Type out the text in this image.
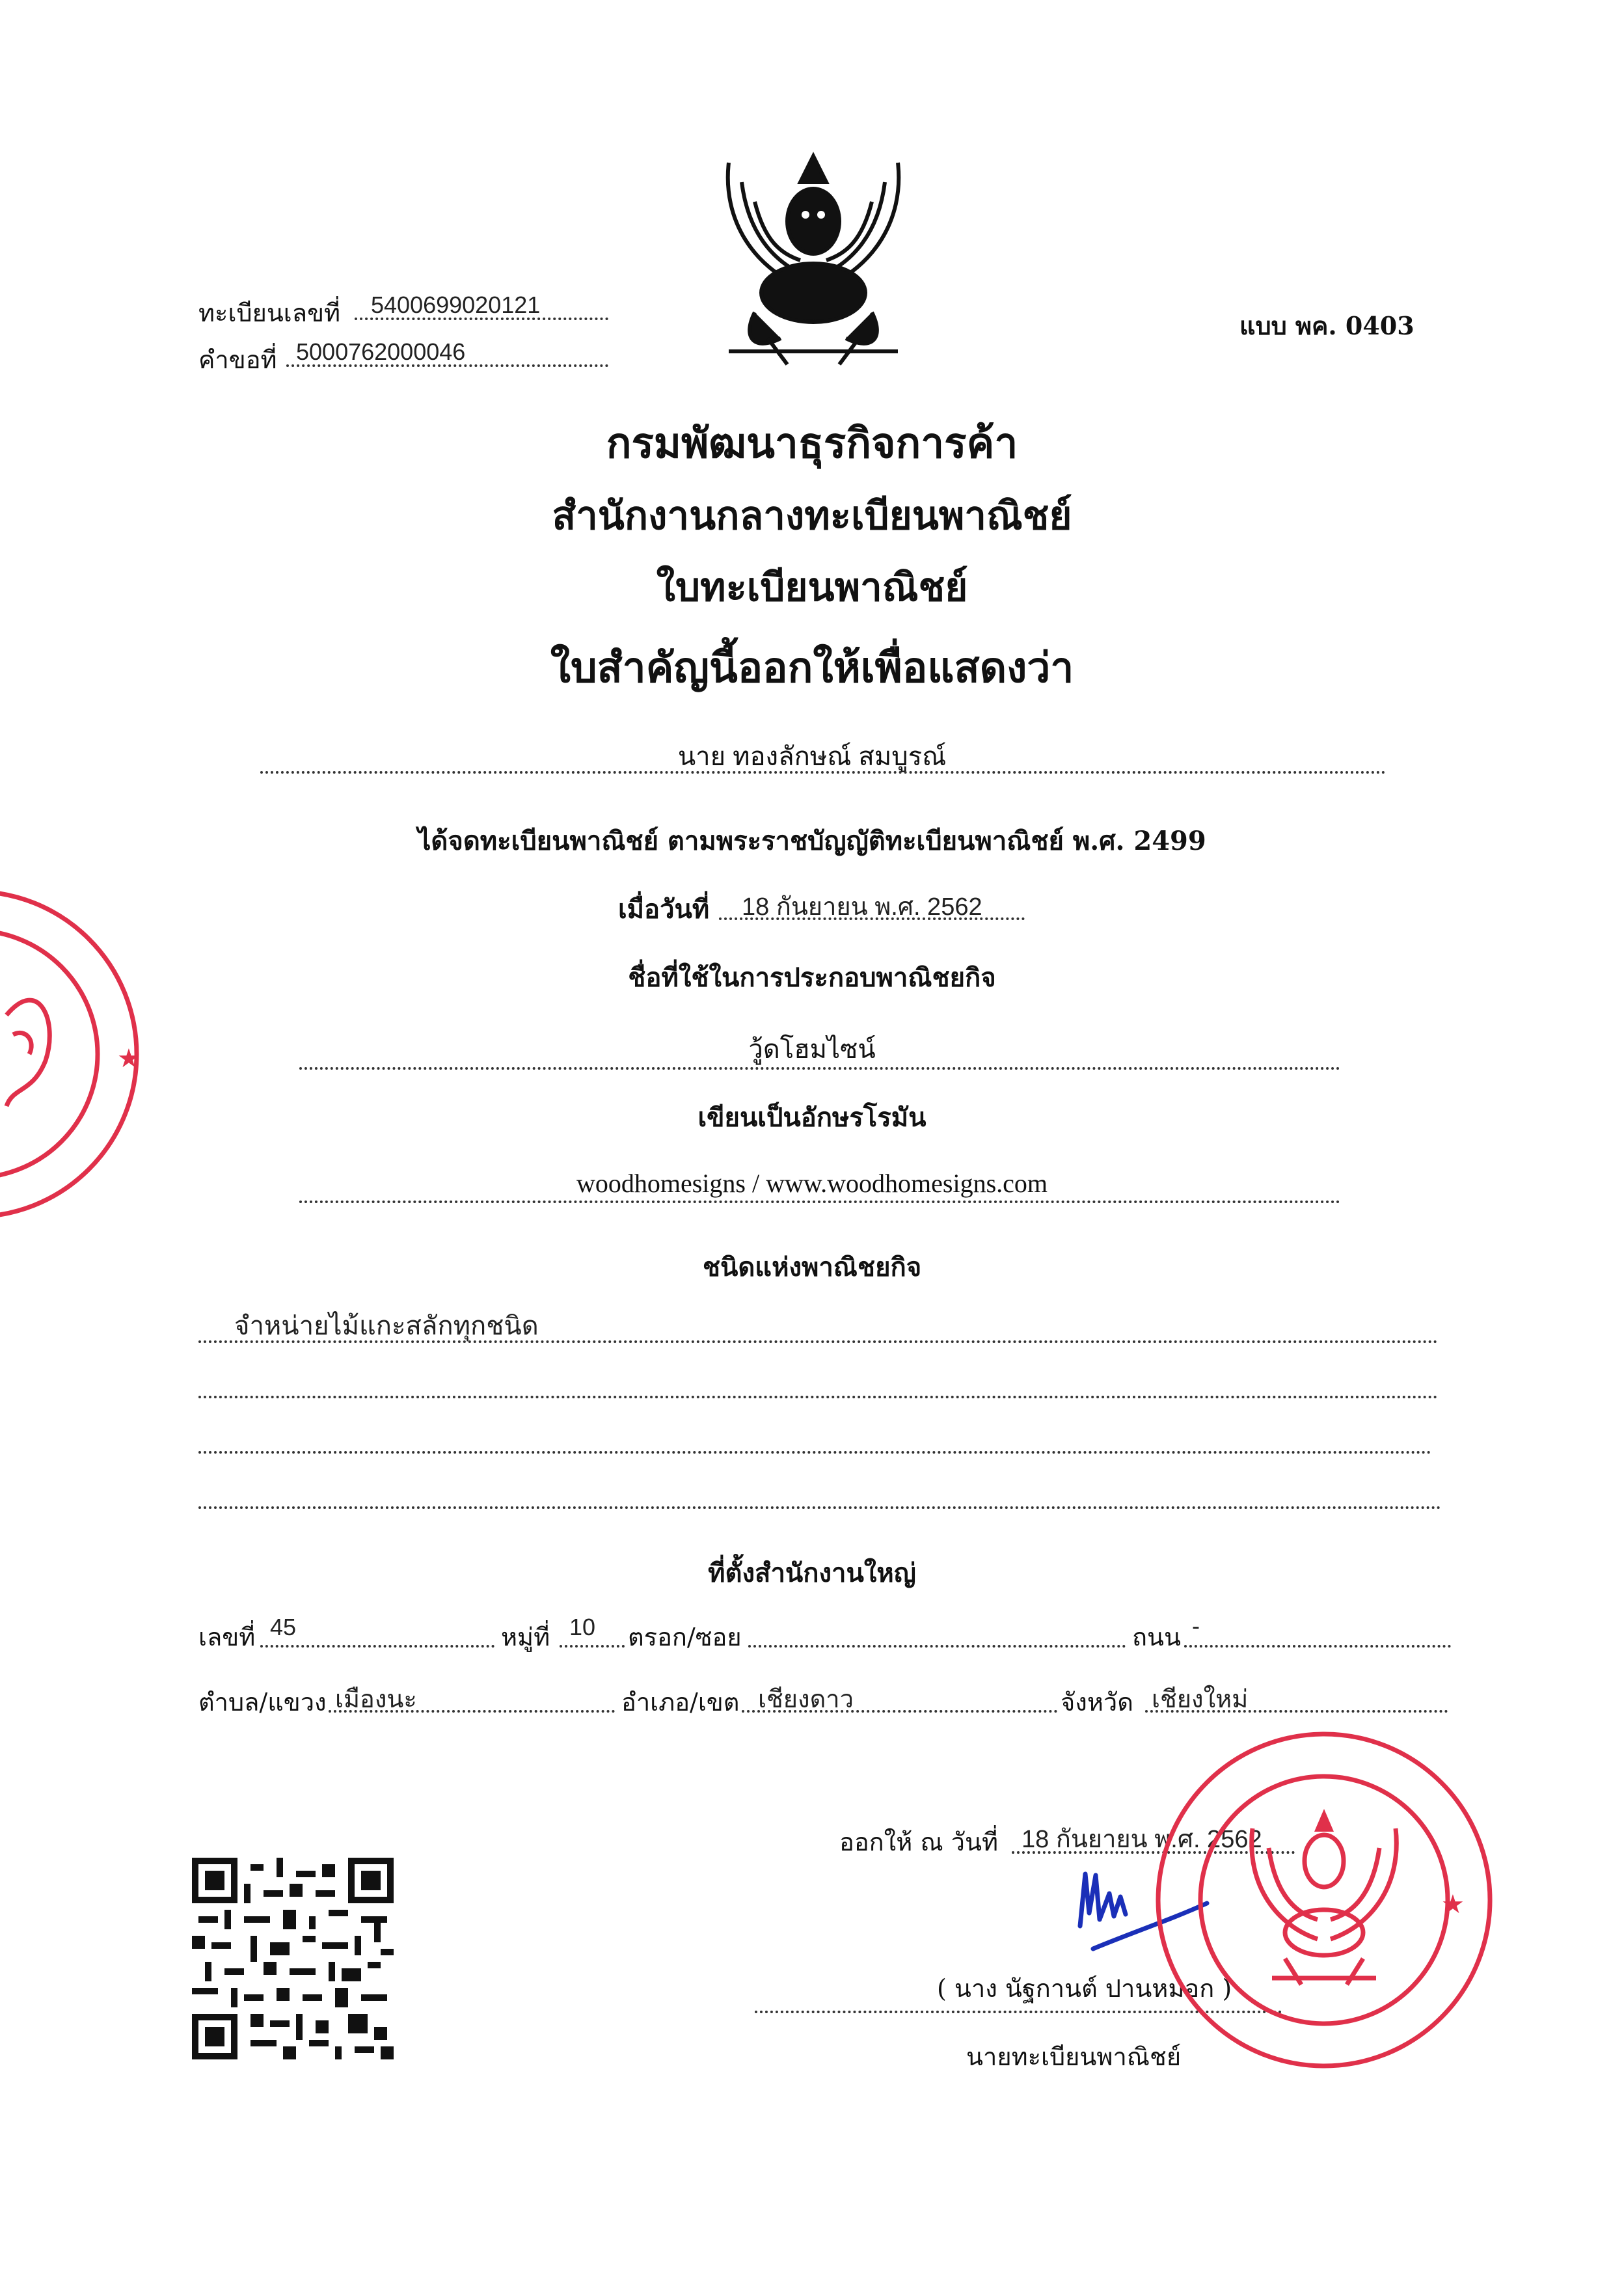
ทะเบียนเลขที่ 5400699020121
คำขอที่ 5000762000046
แบบ พค. 0403
กรมพัฒนาธุรกิจการค้า
สำนักงานกลางทะเบียนพาณิชย์
ใบทะเบียนพาณิชย์
ใบสำคัญนี้ออกให้เพื่อแสดงว่า
นาย ทองลักษณ์ สมบูรณ์
ได้จดทะเบียนพาณิชย์ ตามพระราชบัญญัติทะเบียนพาณิชย์ พ.ศ. 2499
เมื่อวันที่ 18 กันยายน พ.ศ. 2562
ชื่อที่ใช้ในการประกอบพาณิชยกิจ
วู้ดโฮมไซน์
เขียนเป็นอักษรโรมัน
woodhomesigns / www.woodhomesigns.com
ชนิดแห่งพาณิชยกิจ
จำหน่ายไม้แกะสลักทุกชนิด
ที่ตั้งสำนักงานใหญ่
เลขที่ 45	หมู่ที่ 10 ตรอก/ซอย	ถนน -
ตำบล/แขวง เมืองนะ	อำเภอ/เขต เชียงดาว	จังหวัด เชียงใหม่
ออกให้ ณ วันที่ 18 กันยายน พ.ศ. 2562
( นาง นัฐกานต์ ปานหมอก )
นายทะเบียนพาณิชย์
★
★
